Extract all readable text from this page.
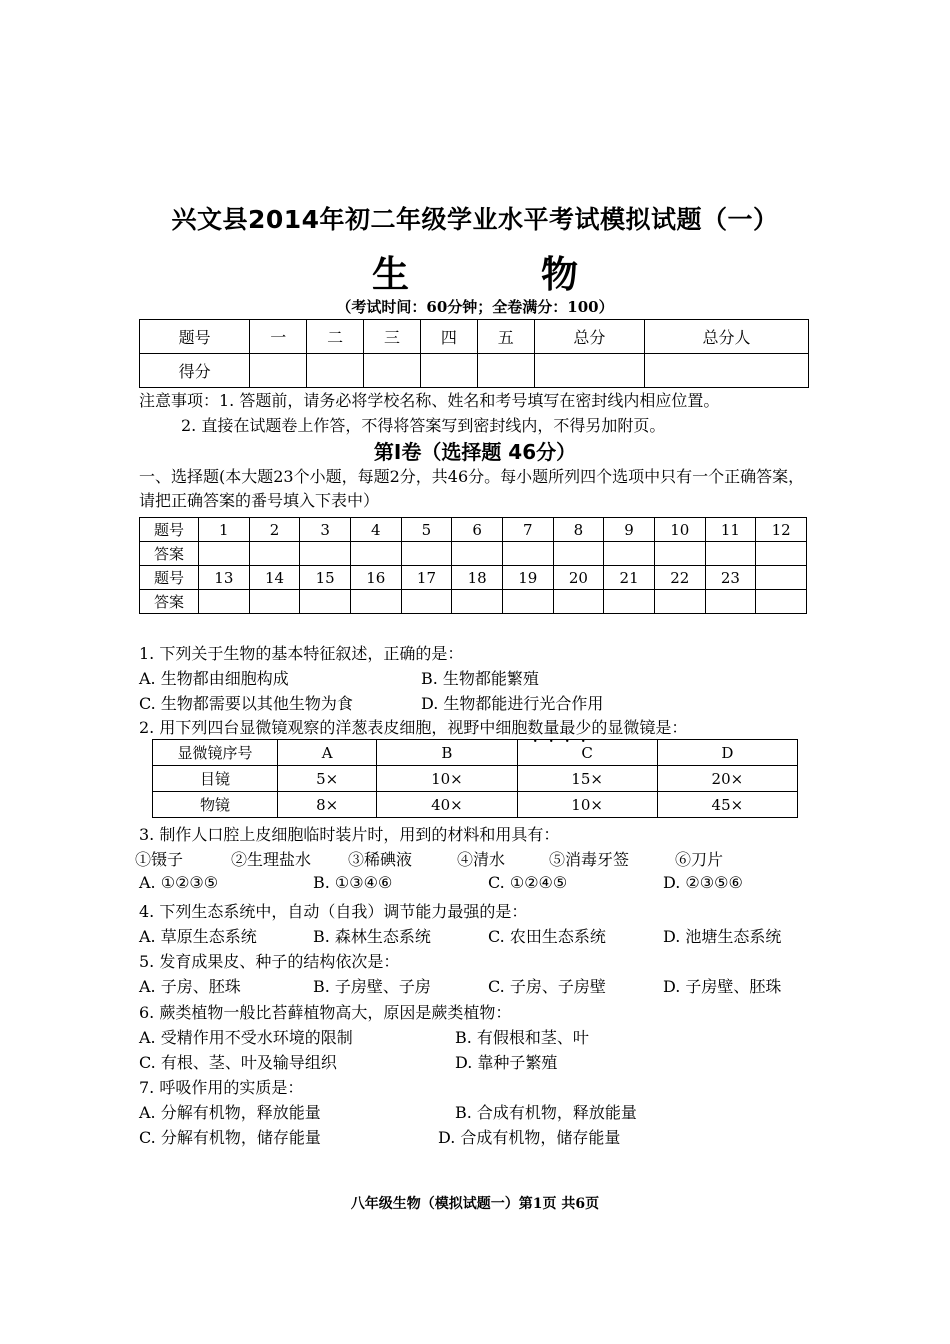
兴文县2014年初二年级学业水平考试模拟试题（一）
生	物
（考试时间：60分钟；全卷满分：100）
题号	一	二	三	四	五	总分	总分人
得分							
注意事项：1. 答题前，请务必将学校名称、姓名和考号填写在密封线内相应位置。
2. 直接在试题卷上作答，不得将答案写到密封线内，不得另加附页。
第Ⅰ卷（选择题 46分）
一、选择题(本大题23个小题，每题2分，共46分。每小题所列四个选项中只有一个正确答案，
请把正确答案的番号填入下表中）
题号	1	2	3	4	5	6	7	8	9	10	11	12
答案												
题号	13	14	15	16	17	18	19	20	21	22	23	
答案												
1. 下列关于生物的基本特征叙述，正确的是：
A. 生物都由细胞构成	B. 生物都能繁殖
C. 生物都需要以其他生物为食	D. 生物都能进行光合作用
2. 用下列四台显微镜观察的洋葱表皮细胞，视野中细胞数量最少的显微镜是：
显微镜序号	A	B	C	D
目镜	5×	10×	15×	20×
物镜	8×	40×	10×	45×
3. 制作人口腔上皮细胞临时装片时，用到的材料和用具有：
①镊子	②生理盐水 ③稀碘液	④清水	⑤消毒牙签	⑥刀片
A. ①②③⑤	B. ①③④⑥	C. ①②④⑤	D. ②③⑤⑥
4. 下列生态系统中，自动（自我）调节能力最强的是：
A. 草原生态系统	B. 森林生态系统	C. 农田生态系统	D. 池塘生态系统
5. 发育成果皮、种子的结构依次是：
A. 子房、胚珠	B. 子房壁、子房	C. 子房、子房壁	D. 子房壁、胚珠
6. 蕨类植物一般比苔藓植物高大，原因是蕨类植物：
A. 受精作用不受水环境的限制	B. 有假根和茎、叶
C. 有根、茎、叶及输导组织	D. 靠种子繁殖
7. 呼吸作用的实质是：
A. 分解有机物，释放能量	B. 合成有机物，释放能量
C. 分解有机物，储存能量	D. 合成有机物，储存能量
八年级生物（模拟试题一）第1页 共6页
